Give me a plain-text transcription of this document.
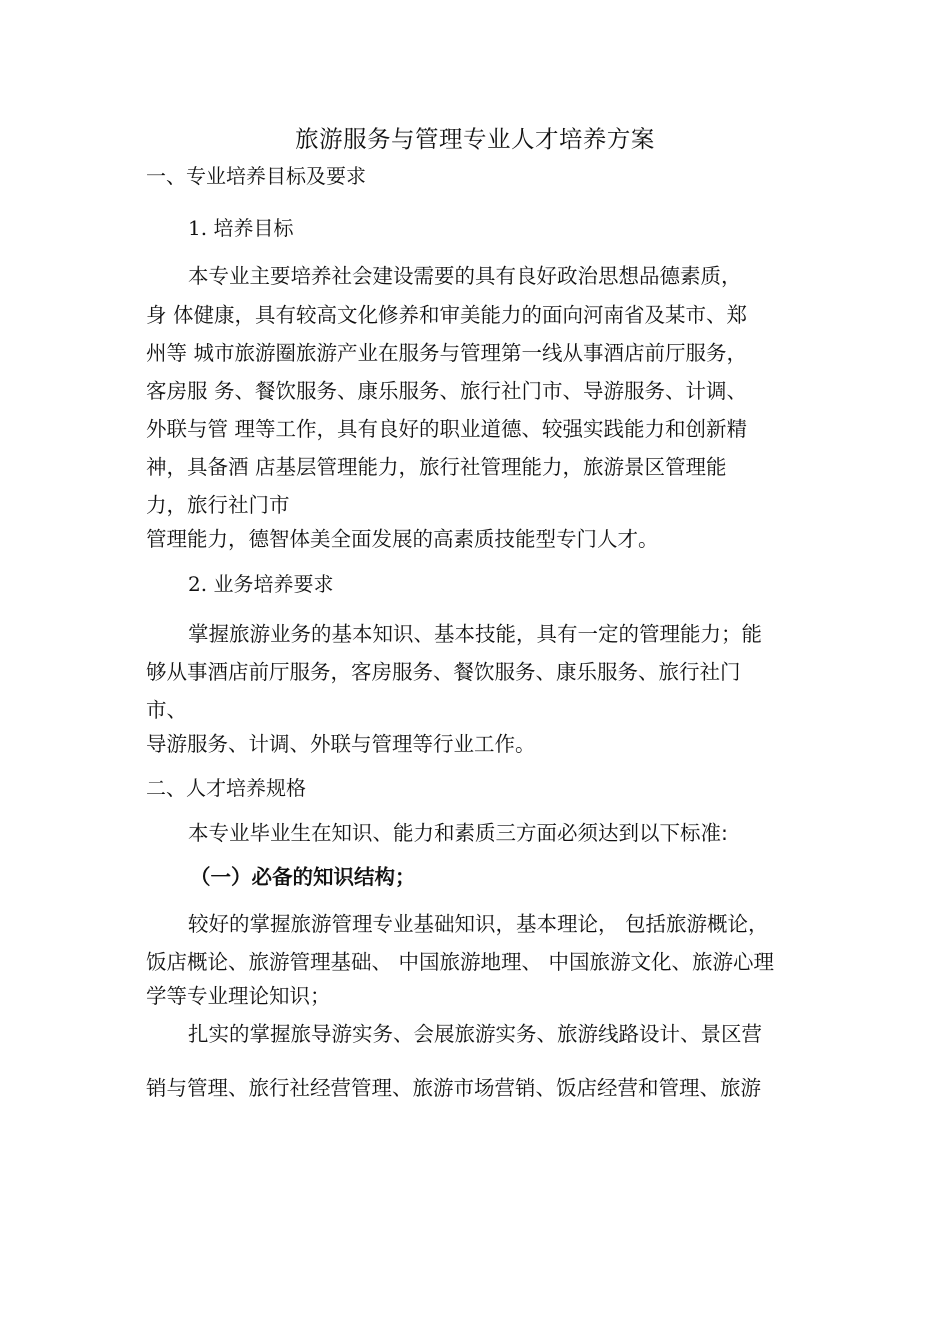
旅游服务与管理专业人才培养方案
一、专业培养目标及要求
1. 培养目标
本专业主要培养社会建设需要的具有良好政治思想品德素质，
身 体健康，具有较高文化修养和审美能力的面向河南省及某市、郑
州等 城市旅游圈旅游产业在服务与管理第一线从事酒店前厅服务，
客房服 务、餐饮服务、康乐服务、旅行社门市、导游服务、计调、
外联与管 理等工作，具有良好的职业道德、较强实践能力和创新精
神，具备酒 店基层管理能力，旅行社管理能力，旅游景区管理能
力，旅行社门市
管理能力，德智体美全面发展的高素质技能型专门人才。
2. 业务培养要求
掌握旅游业务的基本知识、基本技能，具有一定的管理能力；能
够从事酒店前厅服务，客房服务、餐饮服务、康乐服务、旅行社门
市、
导游服务、计调、外联与管理等行业工作。
二、人才培养规格
本专业毕业生在知识、能力和素质三方面必须达到以下标准:
（一）必备的知识结构；
较好的掌握旅游管理专业基础知识，基本理论， 包括旅游概论，
饭店概论、旅游管理基础、 中国旅游地理、 中国旅游文化、旅游心理
学等专业理论知识；
扎实的掌握旅导游实务、会展旅游实务、旅游线路设计、景区营
销与管理、旅行社经营管理、旅游市场营销、饭店经营和管理、旅游
